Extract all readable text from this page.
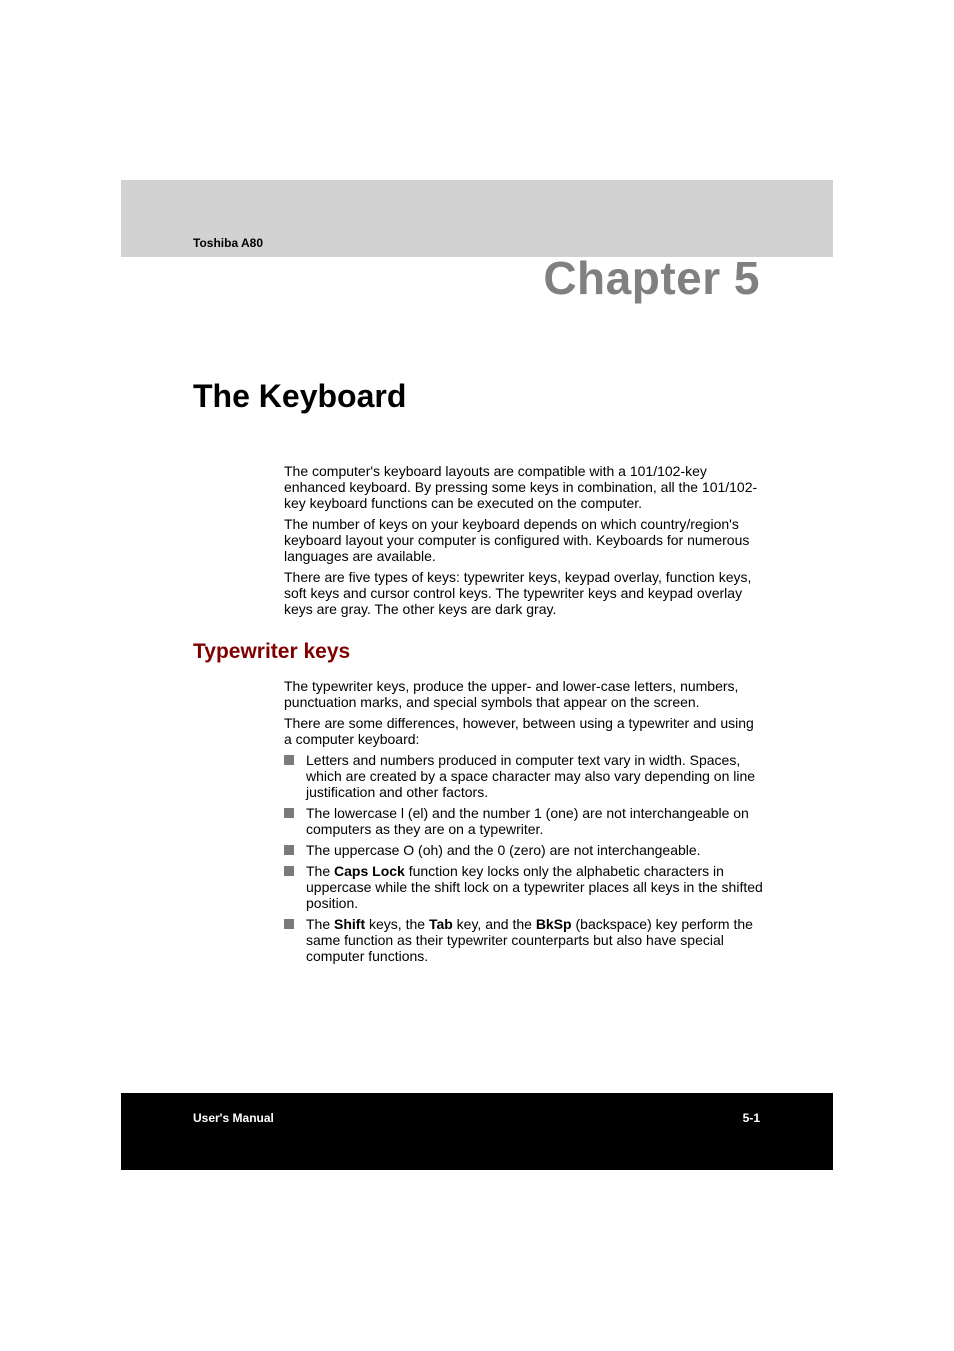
Toshiba A80
Chapter 5
The Keyboard

The computer's keyboard layouts are compatible with a 101/102-key enhanced keyboard. By pressing some keys in combination, all the 101/102-key keyboard functions can be executed on the computer.

The number of keys on your keyboard depends on which country/region's keyboard layout your computer is configured with. Keyboards for numerous languages are available.

There are five types of keys: typewriter keys, keypad overlay, function keys, soft keys and cursor control keys. The typewriter keys and keypad overlay keys are gray. The other keys are dark gray.

Typewriter keys

The typewriter keys, produce the upper- and lower-case letters, numbers, punctuation marks, and special symbols that appear on the screen.

There are some differences, however, between using a typewriter and using a computer keyboard:

Letters and numbers produced in computer text vary in width. Spaces, which are created by a space character may also vary depending on line justification and other factors.
The lowercase l (el) and the number 1 (one) are not interchangeable on computers as they are on a typewriter.
The uppercase O (oh) and the 0 (zero) are not interchangeable.
The Caps Lock function key locks only the alphabetic characters in uppercase while the shift lock on a typewriter places all keys in the shifted position.
The Shift keys, the Tab key, and the BkSp (backspace) key perform the same function as their typewriter counterparts but also have special computer functions.
User's Manual	5-1
